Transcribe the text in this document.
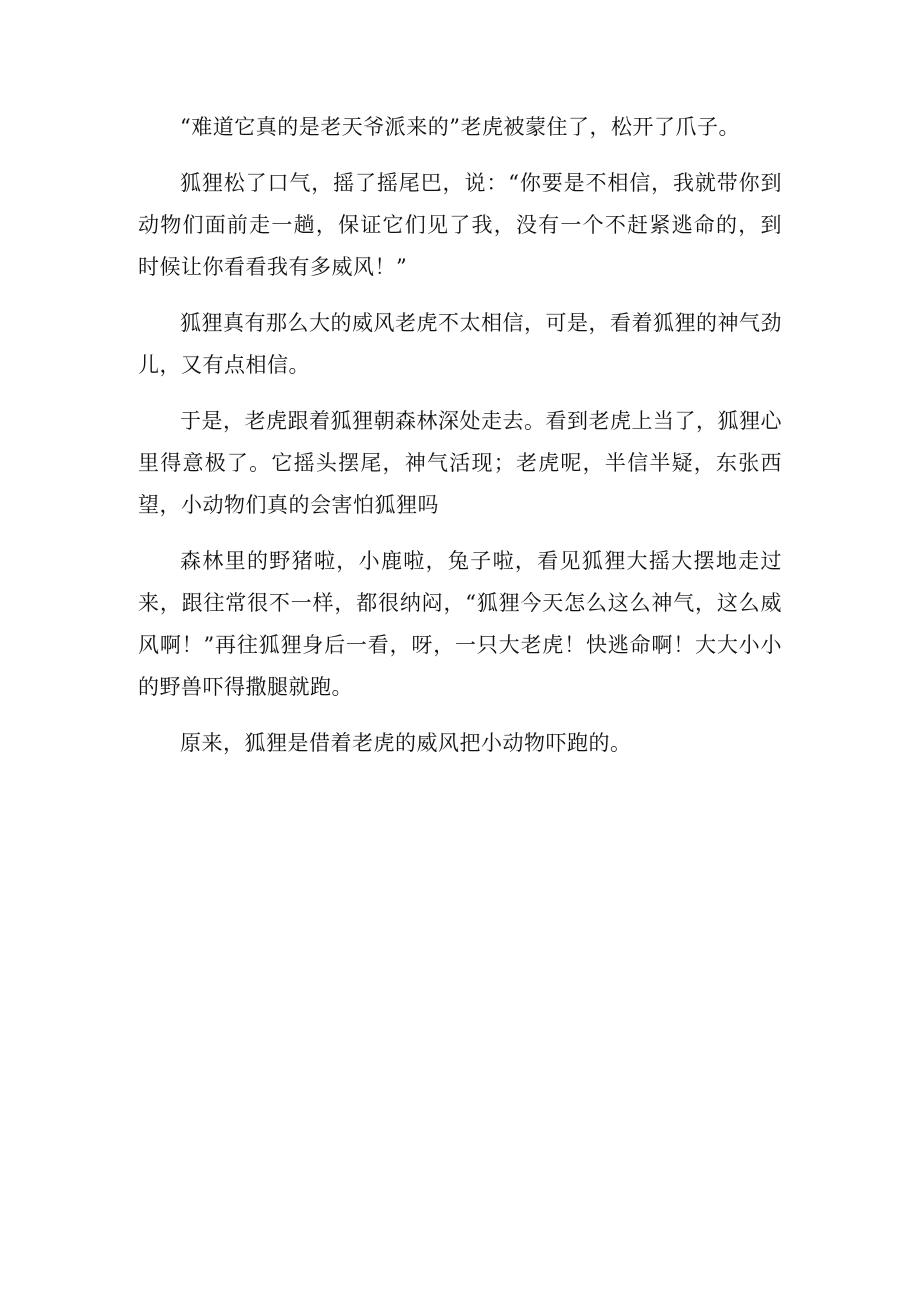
“难道它真的是老天爷派来的”老虎被蒙住了，松开了爪子。

狐狸松了口气，摇了摇尾巴，说：“你要是不相信，我就带你到动物们面前走一趟，保证它们见了我，没有一个不赶紧逃命的，到时候让你看看我有多威风！”

狐狸真有那么大的威风老虎不太相信，可是，看着狐狸的神气劲儿，又有点相信。

于是，老虎跟着狐狸朝森林深处走去。看到老虎上当了，狐狸心里得意极了。它摇头摆尾，神气活现；老虎呢，半信半疑，东张西望，小动物们真的会害怕狐狸吗

森林里的野猪啦，小鹿啦，兔子啦，看见狐狸大摇大摆地走过来，跟往常很不一样，都很纳闷，“狐狸今天怎么这么神气，这么威风啊！”再往狐狸身后一看，呀，一只大老虎！快逃命啊！大大小小的野兽吓得撒腿就跑。

原来，狐狸是借着老虎的威风把小动物吓跑的。
